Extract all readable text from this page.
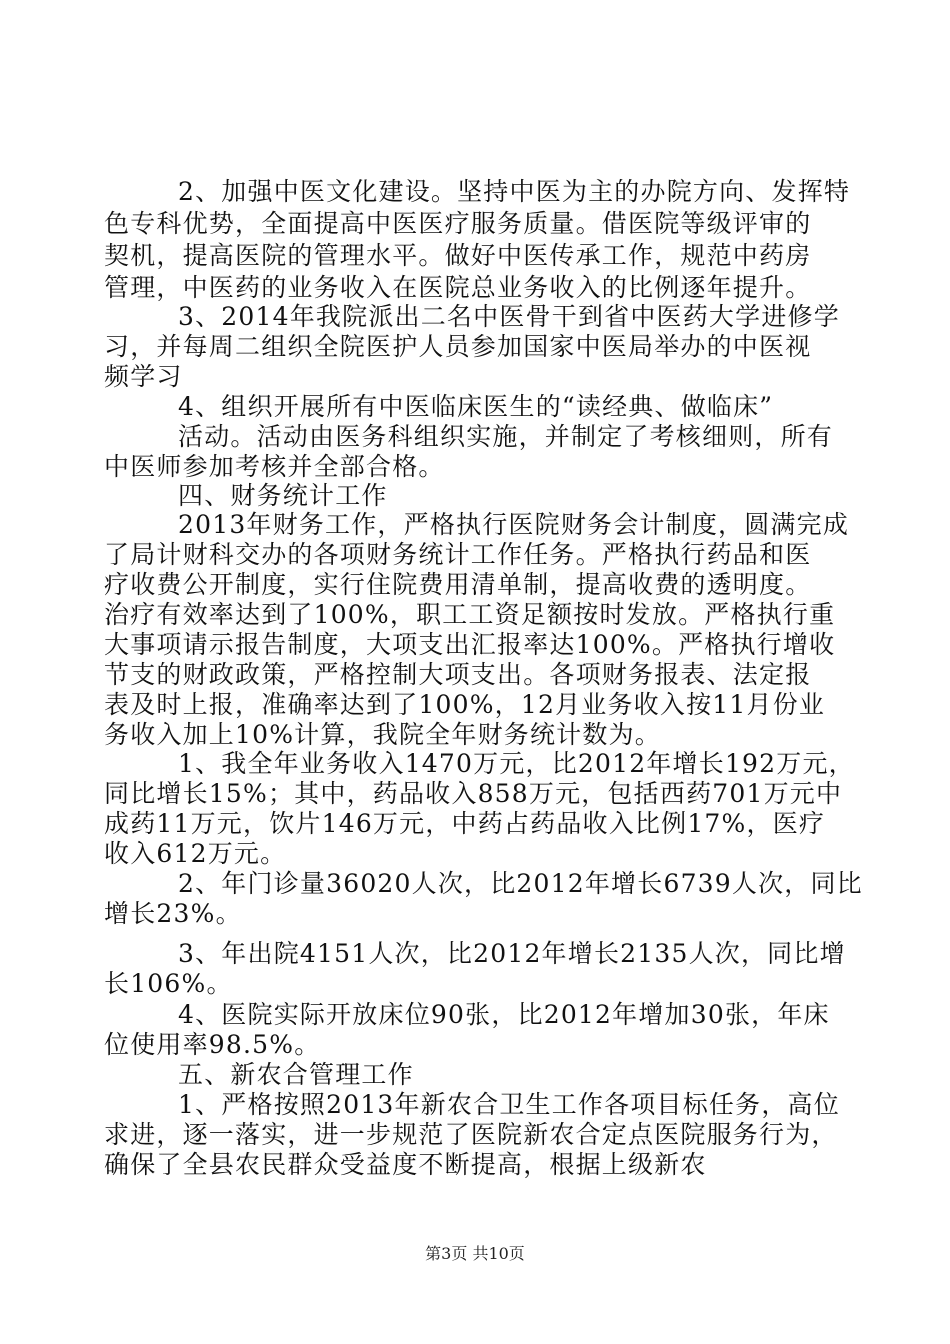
2、加强中医文化建设。坚持中医为主的办院方向、发挥特
色专科优势，全面提高中医医疗服务质量。借医院等级评审的
契机，提高医院的管理水平。做好中医传承工作，规范中药房
管理，中医药的业务收入在医院总业务收入的比例逐年提升。
3、2014年我院派出二名中医骨干到省中医药大学进修学
习，并每周二组织全院医护人员参加国家中医局举办的中医视
频学习
4、组织开展所有中医临床医生的“读经典、做临床”
活动。活动由医务科组织实施，并制定了考核细则，所有
中医师参加考核并全部合格。
四、财务统计工作
2013年财务工作，严格执行医院财务会计制度，圆满完成
了局计财科交办的各项财务统计工作任务。严格执行药品和医
疗收费公开制度，实行住院费用清单制，提高收费的透明度。
治疗有效率达到了100%，职工工资足额按时发放。严格执行重
大事项请示报告制度，大项支出汇报率达100%。严格执行增收
节支的财政政策，严格控制大项支出。各项财务报表、法定报
表及时上报，准确率达到了100%，12月业务收入按11月份业
务收入加上10%计算，我院全年财务统计数为。
1、我全年业务收入1470万元，比2012年增长192万元，
同比增长15%；其中，药品收入858万元，包括西药701万元中
成药11万元，饮片146万元，中药占药品收入比例17%，医疗
收入612万元。
2、年门诊量36020人次，比2012年增长6739人次，同比
增长23%。
3、年出院4151人次，比2012年增长2135人次，同比增
长106%。
4、医院实际开放床位90张，比2012年增加30张，年床
位使用率98.5%。
五、新农合管理工作
1、严格按照2013年新农合卫生工作各项目标任务，高位
求进，逐一落实，进一步规范了医院新农合定点医院服务行为，
确保了全县农民群众受益度不断提高，根据上级新农
第3页 共10页
